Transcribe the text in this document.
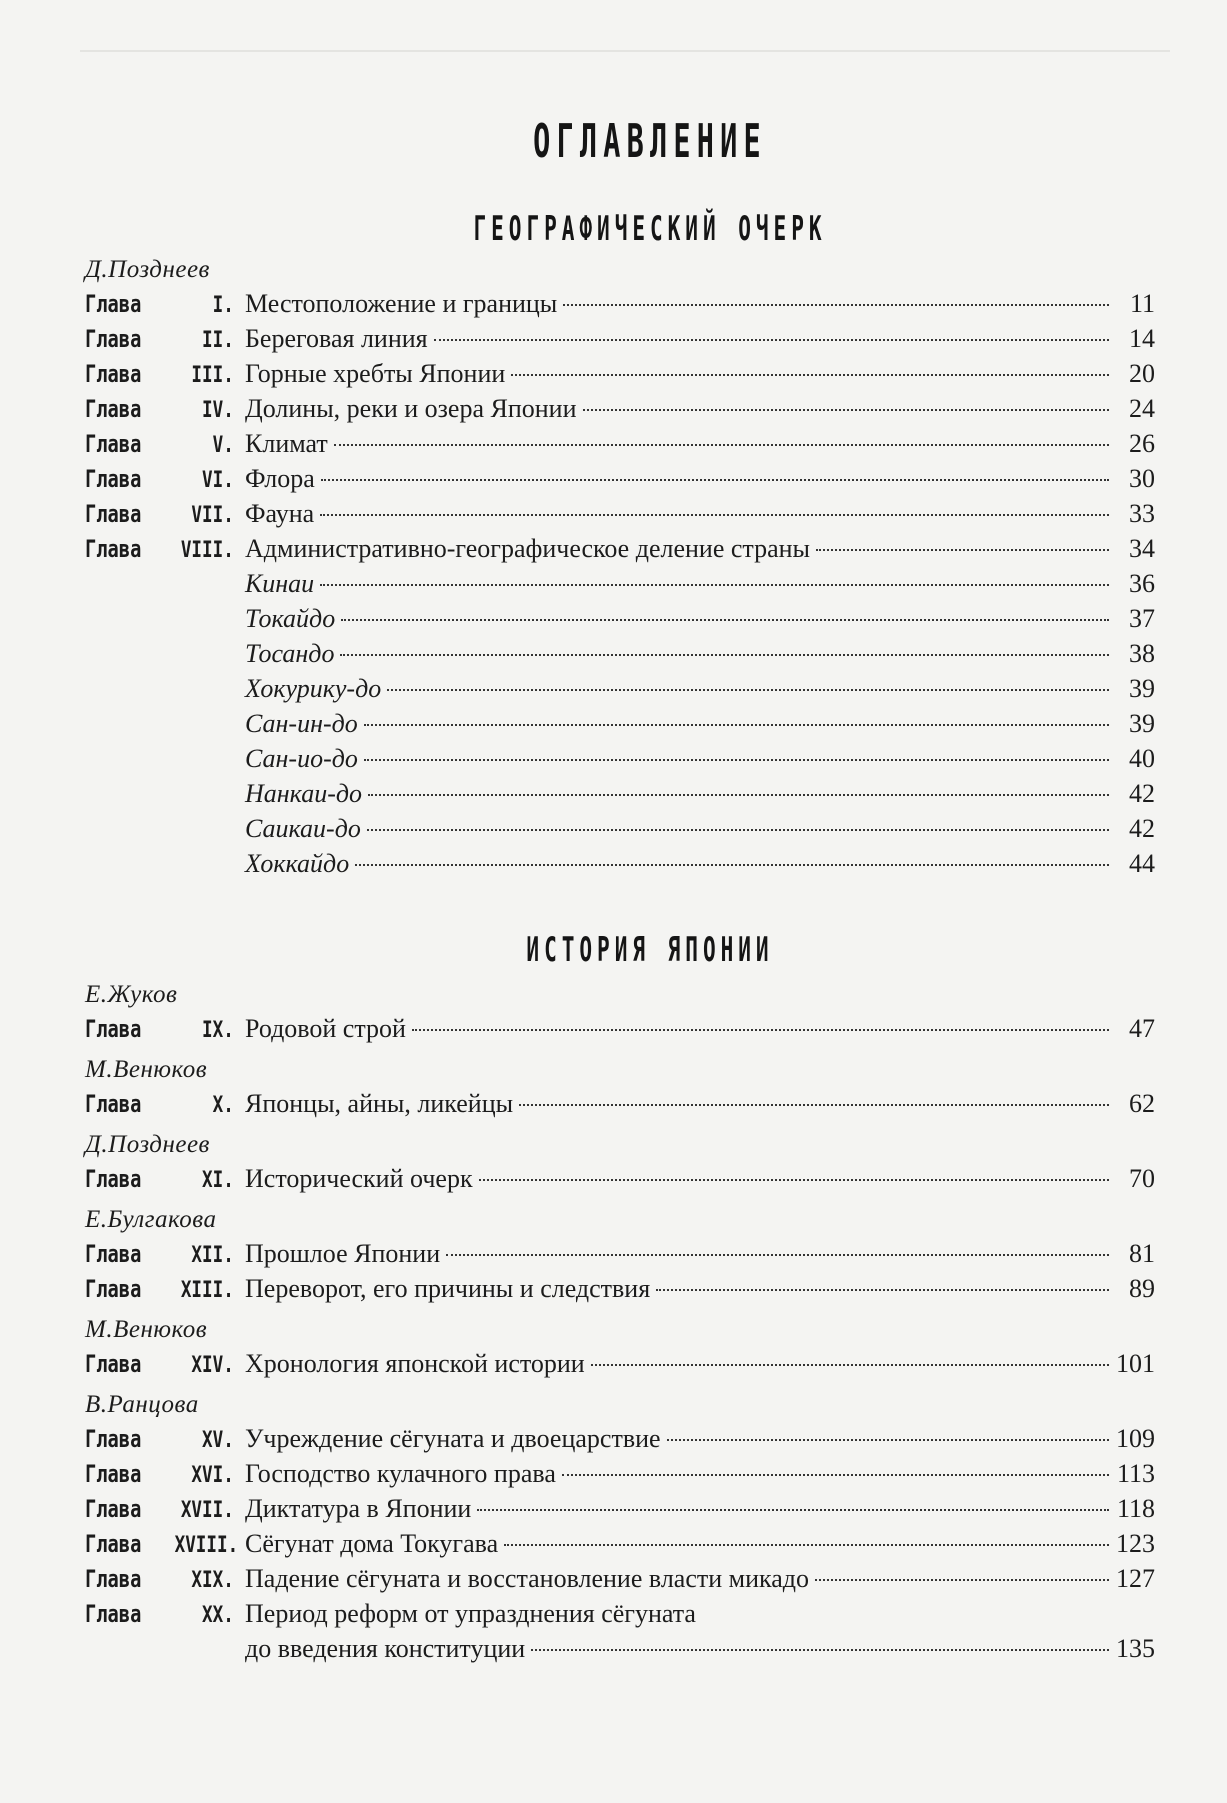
ОГЛАВЛЕНИЕ
ГЕОГРАФИЧЕСКИЙ ОЧЕРК
Д.Позднеев
Глава	I. Местоположение и границы	11
Глава	II. Береговая линия	14
Глава	III. Горные хребты Японии	20
Глава	IV. Долины, реки и озера Японии	24
Глава	V. Климат	26
Глава	VI. Флора	30
Глава	VII. Фауна	33
Глава VIII. Административно-географическое деление страны	34
Кинаи	36
Токайдо	37
Тосандо	38
Хокурику-до	39
Сан-ин-до	39
Сан-ио-до	40
Нанкаи-до	42
Саикаи-до	42
Хоккайдо	44
ИСТОРИЯ ЯПОНИИ
Е.Жуков
Глава	IX. Родовой строй	47
М.Венюков
Глава	X. Японцы, айны, ликейцы	62
Д.Позднеев
Глава	XI. Исторический очерк	70
Е.Булгакова
Глава	XII. Прошлое Японии	81
Глава XIII. Переворот, его причины и следствия	89
М.Венюков
Глава	XIV. Хронология японской истории	101
В.Ранцова
Глава	XV. Учреждение сёгуната и двоецарствие	109
Глава	XVI. Господство кулачного права	113
Глава XVII. Диктатура в Японии	118
Глава XVIII. Сёгунат дома Токугава	123
Глава	XIX. Падение сёгуната и восстановление власти микадо	127
Глава	XX. Период реформ от упразднения сёгуната
до введения конституции	135
